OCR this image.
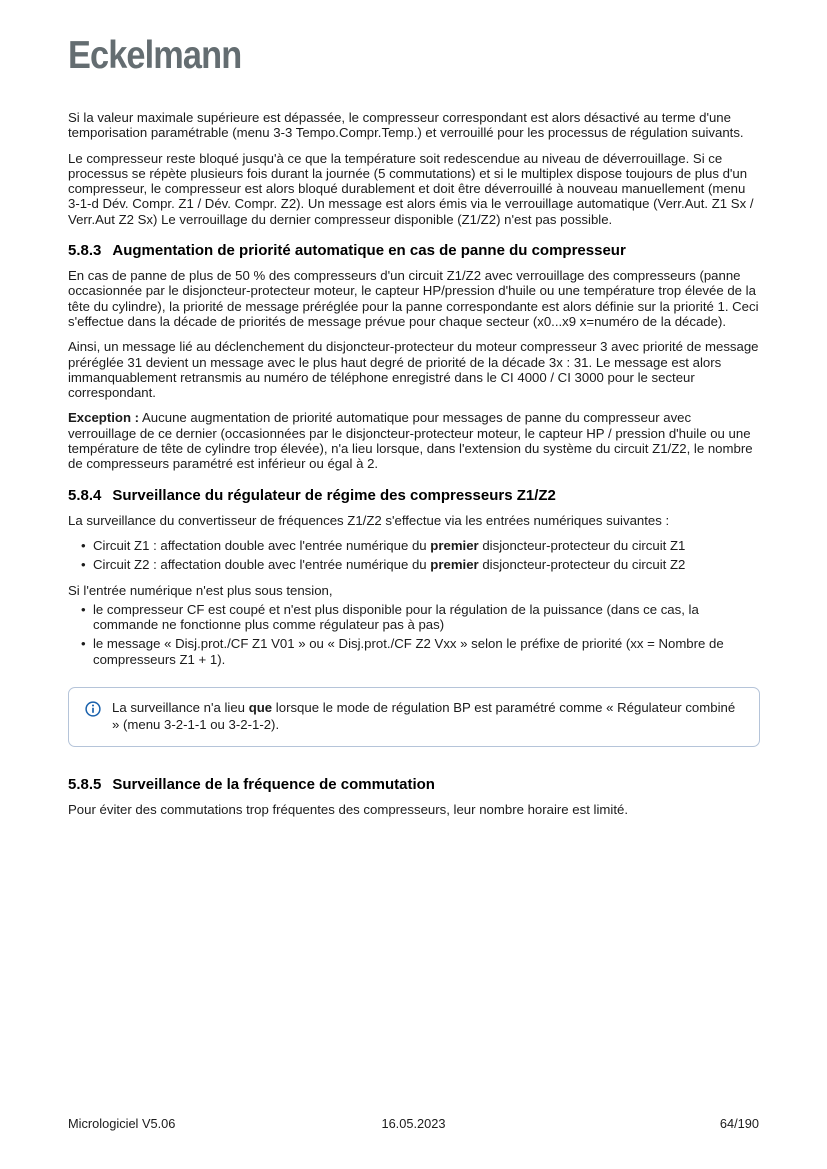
Eckelmann

Si la valeur maximale supérieure est dépassée, le compresseur correspondant est alors désactivé au terme d'une temporisation paramétrable (menu 3-3 Tempo.Compr.Temp.) et verrouillé pour les processus de régulation suivants.

Le compresseur reste bloqué jusqu'à ce que la température soit redescendue au niveau de déverrouillage. Si ce processus se répète plusieurs fois durant la journée (5 commutations) et si le multiplex dispose toujours de plus d'un compresseur, le compresseur est alors bloqué durablement et doit être déverrouillé à nouveau manuellement (menu 3-1-d Dév. Compr. Z1 / Dév. Compr. Z2). Un message est alors émis via le verrouillage automatique (Verr.Aut. Z1 Sx / Verr.Aut Z2 Sx) Le verrouillage du dernier compresseur disponible (Z1/Z2) n'est pas possible.

5.8.3 Augmentation de priorité automatique en cas de panne du compresseur

En cas de panne de plus de 50 % des compresseurs d'un circuit Z1/Z2 avec verrouillage des compresseurs (panne occasionnée par le disjoncteur-protecteur moteur, le capteur HP/pression d'huile ou une température trop élevée de la tête du cylindre), la priorité de message préréglée pour la panne correspondante est alors définie sur la priorité 1. Ceci s'effectue dans la décade de priorités de message prévue pour chaque secteur (x0...x9 x=numéro de la décade).

Ainsi, un message lié au déclenchement du disjoncteur-protecteur du moteur compresseur 3 avec priorité de message préréglée 31 devient un message avec le plus haut degré de priorité de la décade 3x : 31. Le message est alors immanquablement retransmis au numéro de téléphone enregistré dans le CI 4000 / CI 3000 pour le secteur correspondant.

Exception : Aucune augmentation de priorité automatique pour messages de panne du compresseur avec verrouillage de ce dernier (occasionnées par le disjoncteur-protecteur moteur, le capteur HP / pression d'huile ou une température de tête de cylindre trop élevée), n'a lieu lorsque, dans l'extension du système du circuit Z1/Z2, le nombre de compresseurs paramétré est inférieur ou égal à 2.

5.8.4 Surveillance du régulateur de régime des compresseurs Z1/Z2

La surveillance du convertisseur de fréquences Z1/Z2 s'effectue via les entrées numériques suivantes :

• Circuit Z1 : affectation double avec l'entrée numérique du premier disjoncteur-protecteur du circuit Z1
• Circuit Z2 : affectation double avec l'entrée numérique du premier disjoncteur-protecteur du circuit Z2

Si l'entrée numérique n'est plus sous tension,

• le compresseur CF est coupé et n'est plus disponible pour la régulation de la puissance (dans ce cas, la commande ne fonctionne plus comme régulateur pas à pas)
• le message « Disj.prot./CF Z1 V01 » ou « Disj.prot./CF Z2 Vxx » selon le préfixe de priorité (xx = Nombre de compresseurs Z1 + 1).
La surveillance n'a lieu que lorsque le mode de régulation BP est paramétré comme « Régulateur combiné » (menu 3-2-1-1 ou 3-2-1-2).
5.8.5 Surveillance de la fréquence de commutation

Pour éviter des commutations trop fréquentes des compresseurs, leur nombre horaire est limité.

Micrologiciel V5.06	16.05.2023	64/190
